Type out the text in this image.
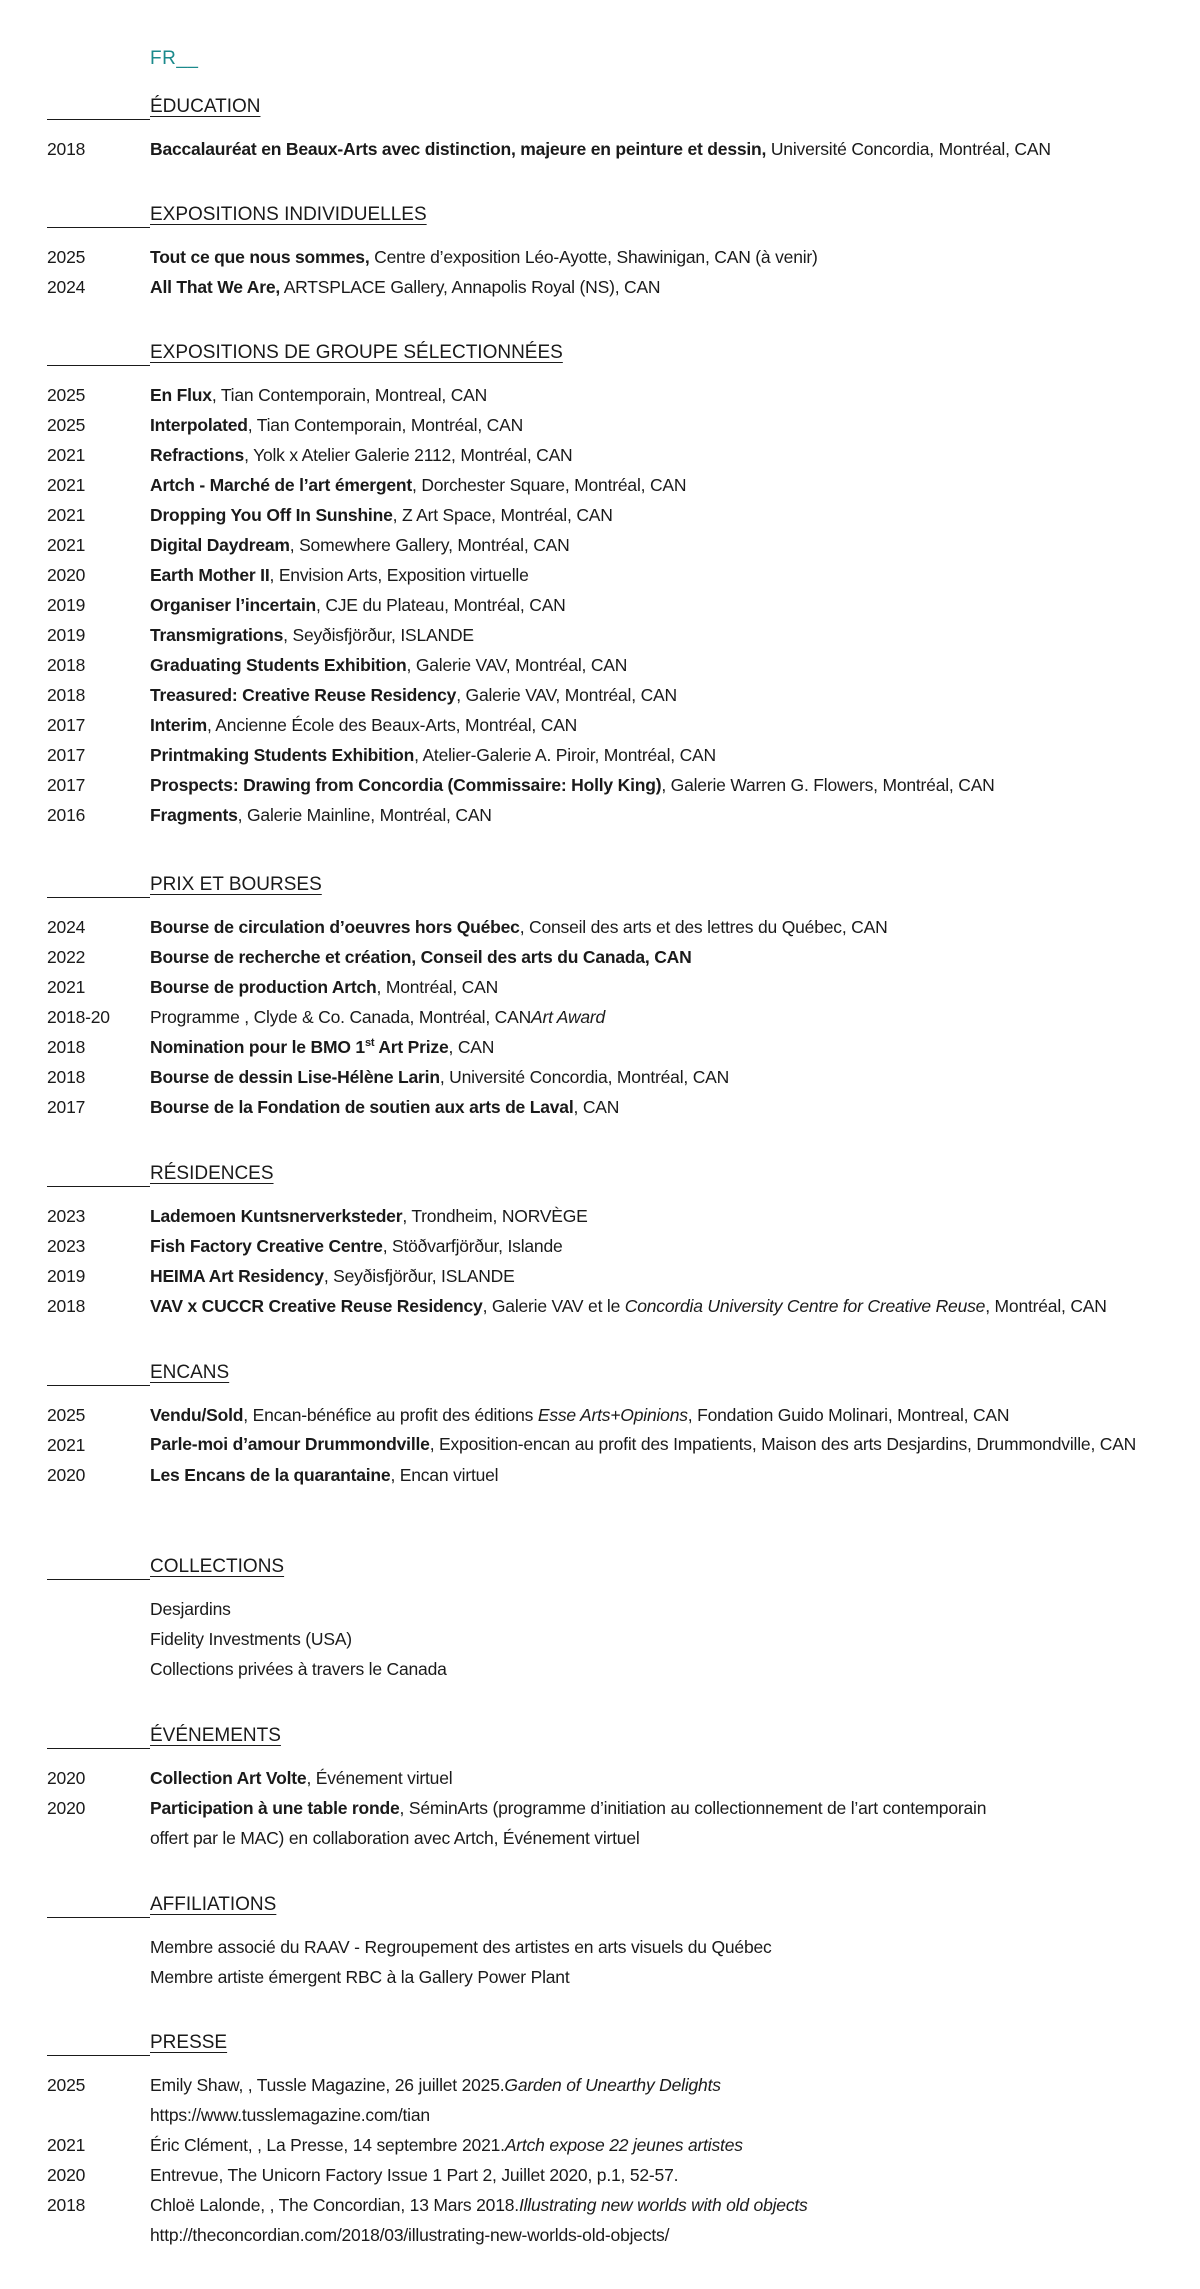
FR__
ÉDUCATION
2018	Baccalauréat en Beaux-Arts avec distinction, majeure en peinture et dessin, Université Concordia, Montréal, CAN
EXPOSITIONS INDIVIDUELLES
2025	Tout ce que nous sommes, Centre d’exposition Léo-Ayotte, Shawinigan, CAN (à venir)
2024	All That We Are, ARTSPLACE Gallery, Annapolis Royal (NS), CAN
EXPOSITIONS DE GROUPE SÉLECTIONNÉES
2025	En Flux, Tian Contemporain, Montreal, CAN
2025	Interpolated, Tian Contemporain, Montréal, CAN
2021	Refractions, Yolk x Atelier Galerie 2112, Montréal, CAN
2021	Artch - Marché de l’art émergent, Dorchester Square, Montréal, CAN
2021	Dropping You Off In Sunshine, Z Art Space, Montréal, CAN
2021	Digital Daydream, Somewhere Gallery, Montréal, CAN
2020	Earth Mother II, Envision Arts, Exposition virtuelle
2019	Organiser l’incertain, CJE du Plateau, Montréal, CAN
2019	Transmigrations, Seyðisfjörður, ISLANDE
2018	Graduating Students Exhibition, Galerie VAV, Montréal, CAN
2018	Treasured: Creative Reuse Residency, Galerie VAV, Montréal, CAN
2017	Interim, Ancienne École des Beaux-Arts, Montréal, CAN
2017	Printmaking Students Exhibition, Atelier-Galerie A. Piroir, Montréal, CAN
2017	Prospects: Drawing from Concordia (Commissaire: Holly King), Galerie Warren G. Flowers, Montréal, CAN
2016	Fragments, Galerie Mainline, Montréal, CAN
PRIX ET BOURSES
2024	Bourse de circulation d’oeuvres hors Québec, Conseil des arts et des lettres du Québec, CAN
2022	Bourse de recherche et création, Conseil des arts du Canada, CAN
2021	Bourse de production Artch, Montréal, CAN
2018-20	Programme , Clyde & Co. Canada, Montréal, CANArt Award
2018	Nomination pour le BMO 1st Art Prize, CAN
2018	Bourse de dessin Lise-Hélène Larin, Université Concordia, Montréal, CAN
2017	Bourse de la Fondation de soutien aux arts de Laval, CAN
RÉSIDENCES
2023	Lademoen Kuntsnerverksteder, Trondheim, NORVÈGE
2023	Fish Factory Creative Centre, Stöðvarfjörður, Islande
2019	HEIMA Art Residency, Seyðisfjörður, ISLANDE
2018	VAV x CUCCR Creative Reuse Residency, Galerie VAV et le Concordia University Centre for Creative Reuse, Montréal, CAN
ENCANS
2025	Vendu/Sold, Encan-bénéfice au profit des éditions Esse Arts+Opinions, Fondation Guido Molinari, Montreal, CAN
2021	Parle-moi d’amour Drummondville, Exposition-encan au profit des Impatients, Maison des arts Desjardins, Drummondville, CAN
2020	Les Encans de la quarantaine, Encan virtuel
COLLECTIONS
Desjardins
Fidelity Investments (USA)
Collections privées à travers le Canada
ÉVÉNEMENTS
2020	Collection Art Volte, Événement virtuel
2020	Participation à une table ronde, SéminArts (programme d’initiation au collectionnement de l’art contemporain
offert par le MAC) en collaboration avec Artch, Événement virtuel
AFFILIATIONS
Membre associé du RAAV - Regroupement des artistes en arts visuels du Québec
Membre artiste émergent RBC à la Gallery Power Plant
PRESSE
2025	Emily Shaw, , Tussle Magazine, 26 juillet 2025.Garden of Unearthy Delights
https://www.tusslemagazine.com/tian
2021	Éric Clément, , La Presse, 14 septembre 2021.Artch expose 22 jeunes artistes
2020	Entrevue, The Unicorn Factory Issue 1 Part 2, Juillet 2020, p.1, 52-57.
2018	Chloë Lalonde, , The Concordian, 13 Mars 2018.Illustrating new worlds with old objects
http://theconcordian.com/2018/03/illustrating-new-worlds-old-objects/
